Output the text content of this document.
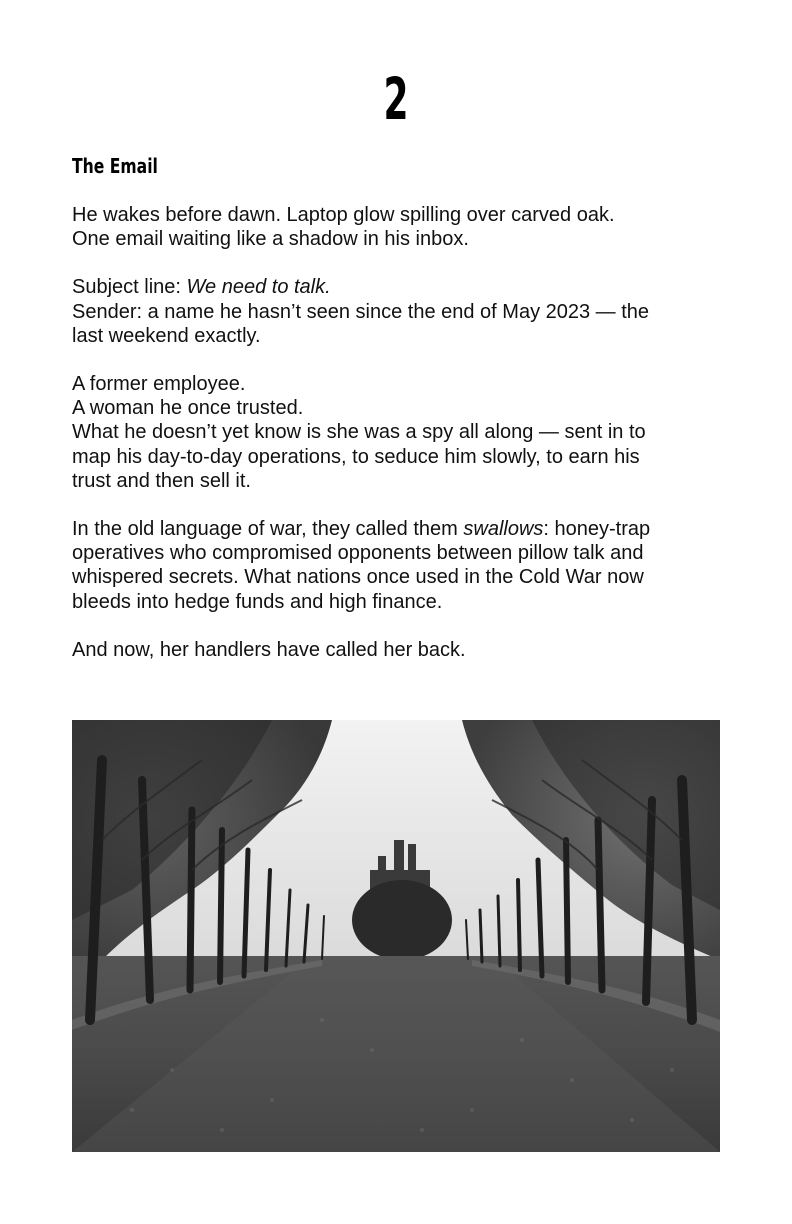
2
The Email

He wakes before dawn. Laptop glow spilling over carved oak.
One email waiting like a shadow in his inbox.

Subject line: We need to talk.
Sender: a name he hasn’t seen since the end of May 2023 — the
last weekend exactly.

A former employee.
A woman he once trusted.
What he doesn’t yet know is she was a spy all along — sent in to
map his day-to-day operations, to seduce him slowly, to earn his
trust and then sell it.

In the old language of war, they called them swallows: honey-trap
operatives who compromised opponents between pillow talk and
whispered secrets. What nations once used in the Cold War now
bleeds into hedge funds and high finance.

And now, her handlers have called her back.
